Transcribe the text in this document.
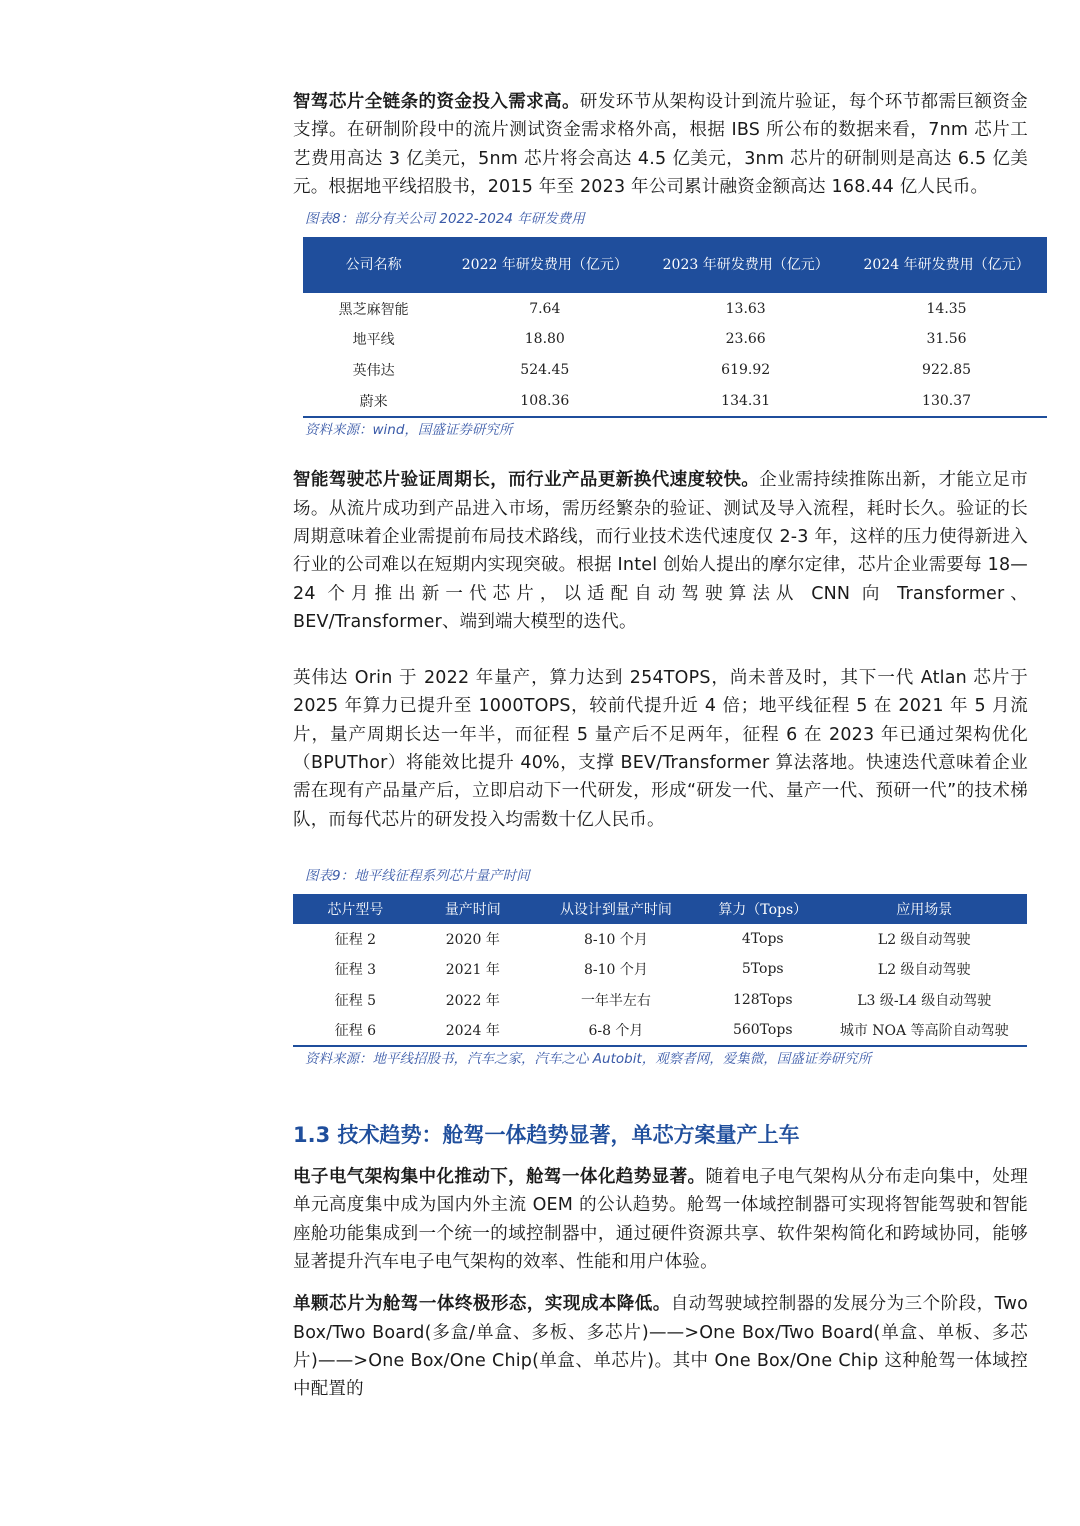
智驾芯片全链条的资金投入需求高。研发环节从架构设计到流片验证，每个环节都需巨额资金支撑。在研制阶段中的流片测试资金需求格外高，根据 IBS 所公布的数据来看，7nm 芯片工艺费用高达 3 亿美元，5nm 芯片将会高达 4.5 亿美元，3nm 芯片的研制则是高达 6.5 亿美元。根据地平线招股书，2015 年至 2023 年公司累计融资金额高达 168.44 亿人民币。

图表8：部分有关公司 2022-2024 年研发费用
公司名称	2022 年研发费用（亿元）	2023 年研发费用（亿元）	2024 年研发费用（亿元）
黑芝麻智能	7.64	13.63	14.35
地平线	18.80	23.66	31.56
英伟达	524.45	619.92	922.85
蔚来	108.36	134.31	130.37
资料来源：wind，国盛证券研究所

智能驾驶芯片验证周期长，而行业产品更新换代速度较快。企业需持续推陈出新，才能立足市场。从流片成功到产品进入市场，需历经繁杂的验证、测试及导入流程，耗时长久。验证的长周期意味着企业需提前布局技术路线，而行业技术迭代速度仅 2-3 年，这样的压力使得新进入行业的公司难以在短期内实现突破。根据 Intel 创始人提出的摩尔定律，芯片企业需要每 18—24 个月推出新一代芯片，以适配自动驾驶算法从 CNN 向 Transformer、BEV/Transformer、端到端大模型的迭代。

英伟达 Orin 于 2022 年量产，算力达到 254TOPS，尚未普及时，其下一代 Atlan 芯片于 2025 年算力已提升至 1000TOPS，较前代提升近 4 倍；地平线征程 5 在 2021 年 5 月流片，量产周期长达一年半，而征程 5 量产后不足两年，征程 6 在 2023 年已通过架构优化（BPUThor）将能效比提升 40%，支撑 BEV/Transformer 算法落地。快速迭代意味着企业需在现有产品量产后，立即启动下一代研发，形成“研发一代、量产一代、预研一代”的技术梯队，而每代芯片的研发投入均需数十亿人民币。

图表9：地平线征程系列芯片量产时间
芯片型号	量产时间	从设计到量产时间	算力（Tops）	应用场景
征程 2	2020 年	8-10 个月	4Tops	L2 级自动驾驶
征程 3	2021 年	8-10 个月	5Tops	L2 级自动驾驶
征程 5	2022 年	一年半左右	128Tops	L3 级-L4 级自动驾驶
征程 6	2024 年	6-8 个月	560Tops	城市 NOA 等高阶自动驾驶
资料来源：地平线招股书，汽车之家，汽车之心 Autobit，观察者网，爱集微，国盛证券研究所
1.3 技术趋势：舱驾一体趋势显著，单芯方案量产上车

电子电气架构集中化推动下，舱驾一体化趋势显著。随着电子电气架构从分布走向集中，处理单元高度集中成为国内外主流 OEM 的公认趋势。舱驾一体域控制器可实现将智能驾驶和智能座舱功能集成到一个统一的域控制器中，通过硬件资源共享、软件架构简化和跨域协同，能够显著提升汽车电子电气架构的效率、性能和用户体验。

单颗芯片为舱驾一体终极形态，实现成本降低。自动驾驶域控制器的发展分为三个阶段，Two Box/Two Board(多盒/单盒、多板、多芯片)——>One Box/Two Board(单盒、单板、多芯片)——>One Box/One Chip(单盒、单芯片)。其中 One Box/One Chip 这种舱驾一体域控中配置的
